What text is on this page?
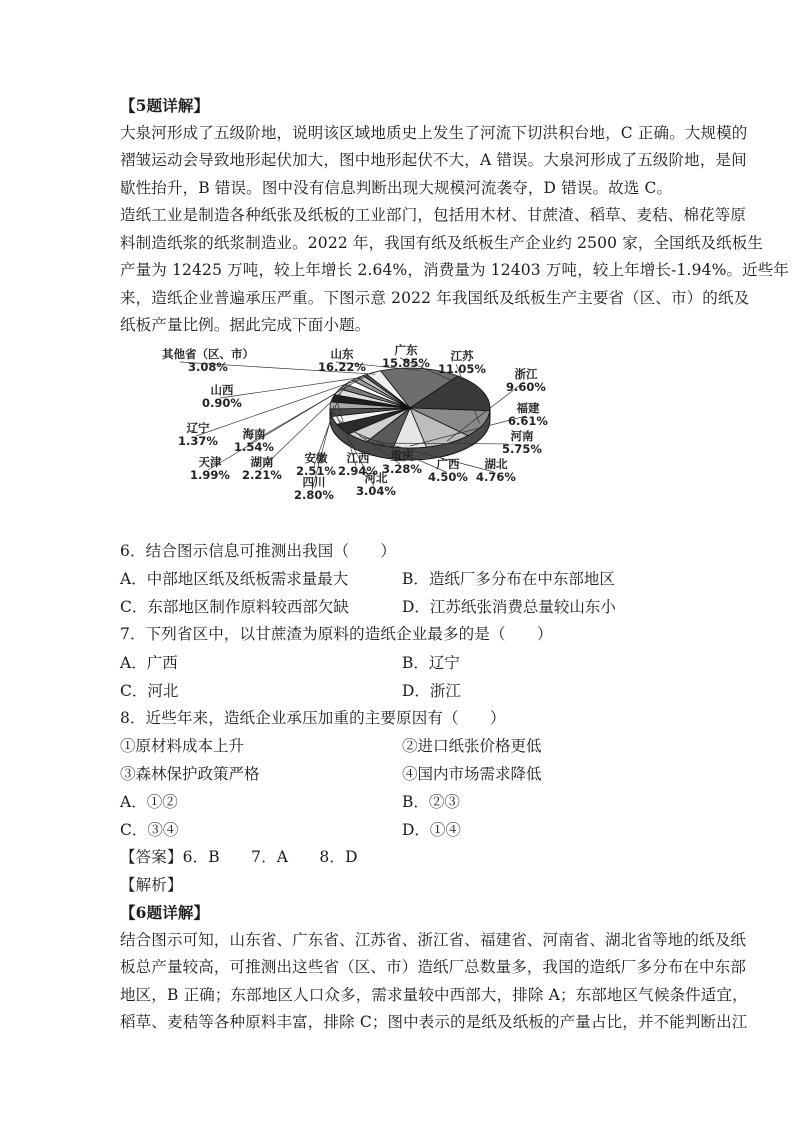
【5题详解】
大泉河形成了五级阶地，说明该区域地质史上发生了河流下切洪积台地，C 正确。大规模的
褶皱运动会导致地形起伏加大，图中地形起伏不大，A 错误。大泉河形成了五级阶地，是间
歇性抬升，B 错误。图中没有信息判断出现大规模河流袭夺，D 错误。故选 C。
造纸工业是制造各种纸张及纸板的工业部门，包括用木材、甘蔗渣、稻草、麦秸、棉花等原
料制造纸浆的纸浆制造业。2022 年，我国有纸及纸板生产企业约 2500 家，全国纸及纸板生
产量为 12425 万吨，较上年增长 2.64%，消费量为 12403 万吨，较上年增长-1.94%。近些年
来，造纸企业普遍承压严重。下图示意 2022 年我国纸及纸板生产主要省（区、市）的纸及
纸板产量比例。据此完成下面小题。
山东
16.22%
广东
15.85%	江苏
11.05%	浙江
9.60%
福建
6.61%
河南
5.75%
湖北
4.76%
广西
4.50%
重庆
3.28%
河北
3.04%
四川
2.80%
江西
2.94%
安徽
2.51%
湖南
2.21%
天津
1.99%
海南
1.54%
辽宁
1.37%
山西
0.90%
其他省（区、市）
3.08%
6．结合图示信息可推测出我国（　　）
A．中部地区纸及纸板需求量最大	B．造纸厂多分布在中东部地区
C．东部地区制作原料较西部欠缺	D．江苏纸张消费总量较山东小
7．下列省区中，以甘蔗渣为原料的造纸企业最多的是（　　）
A．广西	B．辽宁
C．河北	D．浙江
8．近些年来，造纸企业承压加重的主要原因有（　　）
①原材料成本上升	②进口纸张价格更低
③森林保护政策严格	④国内市场需求降低
A．①②	B．②③
C．③④	D．①④
【答案】6．B　　7．A　　8．D
【解析】
【6题详解】
结合图示可知，山东省、广东省、江苏省、浙江省、福建省、河南省、湖北省等地的纸及纸
板总产量较高，可推测出这些省（区、市）造纸厂总数量多，我国的造纸厂多分布在中东部
地区，B 正确；东部地区人口众多，需求量较中西部大，排除 A；东部地区气候条件适宜，
稻草、麦秸等各种原料丰富，排除 C；图中表示的是纸及纸板的产量占比，并不能判断出江
